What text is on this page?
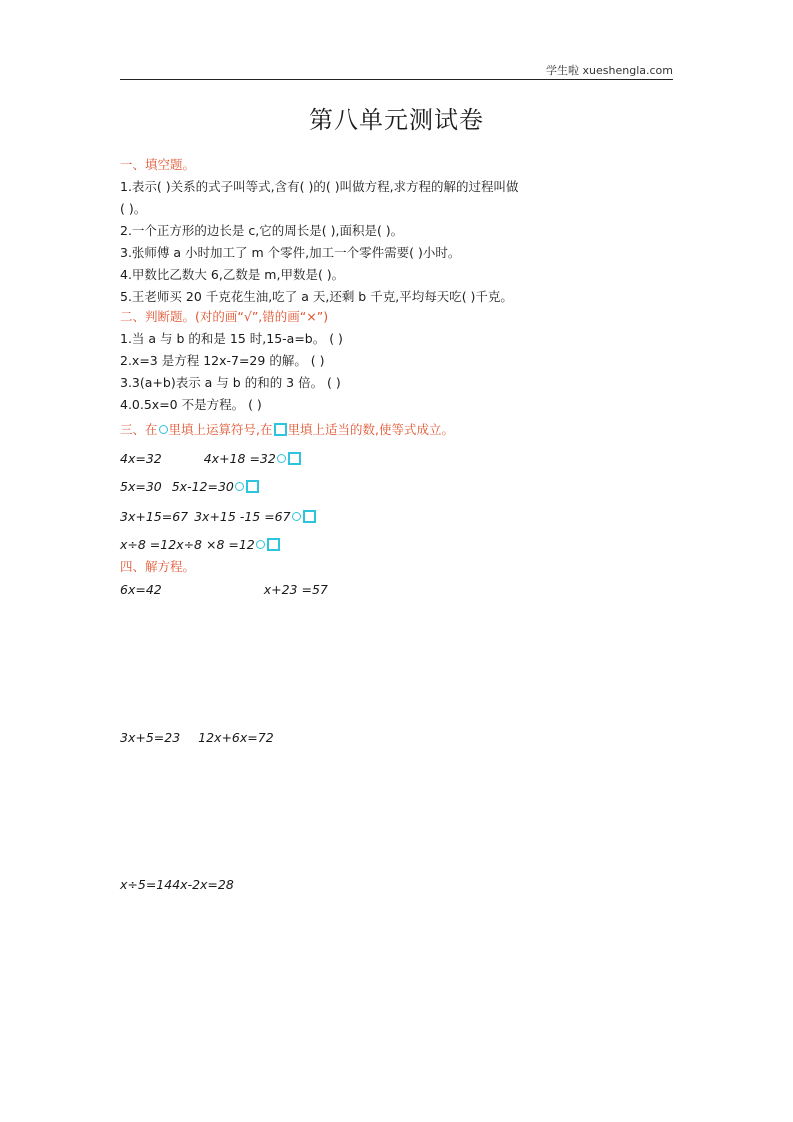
学生啦 xueshengla.com
第八单元测试卷
一、填空题。
1.表示( )关系的式子叫等式,含有( )的( )叫做方程,求方程的解的过程叫做
( )。
2.一个正方形的边长是 c,它的周长是( ),面积是( )。
3.张师傅 a 小时加工了 m 个零件,加工一个零件需要( )小时。
4.甲数比乙数大 6,乙数是 m,甲数是( )。
5.王老师买 20 千克花生油,吃了 a 天,还剩 b 千克,平均每天吃( )千克。
二、判断题。(对的画“√”,错的画“×”)
1.当 a 与 b 的和是 15 时,15-a=b。 ( )
2.x=3 是方程 12x-7=29 的解。 ( )
3.3(a+b)表示 a 与 b 的和的 3 倍。 ( )
4.0.5x=0 不是方程。 ( )
三、在 里填上运算符号,在 里填上适当的数,使等式成立。
4x=32	4x+18 =32
5x=30 5x-12=30
3x+15=67 3x+15 -15 =67
x÷8 =12x÷8 ×8 =12
四、解方程。
6x=42	x+23 =57
3x+5=23 12x+6x=72
x÷5=144x-2x=28
